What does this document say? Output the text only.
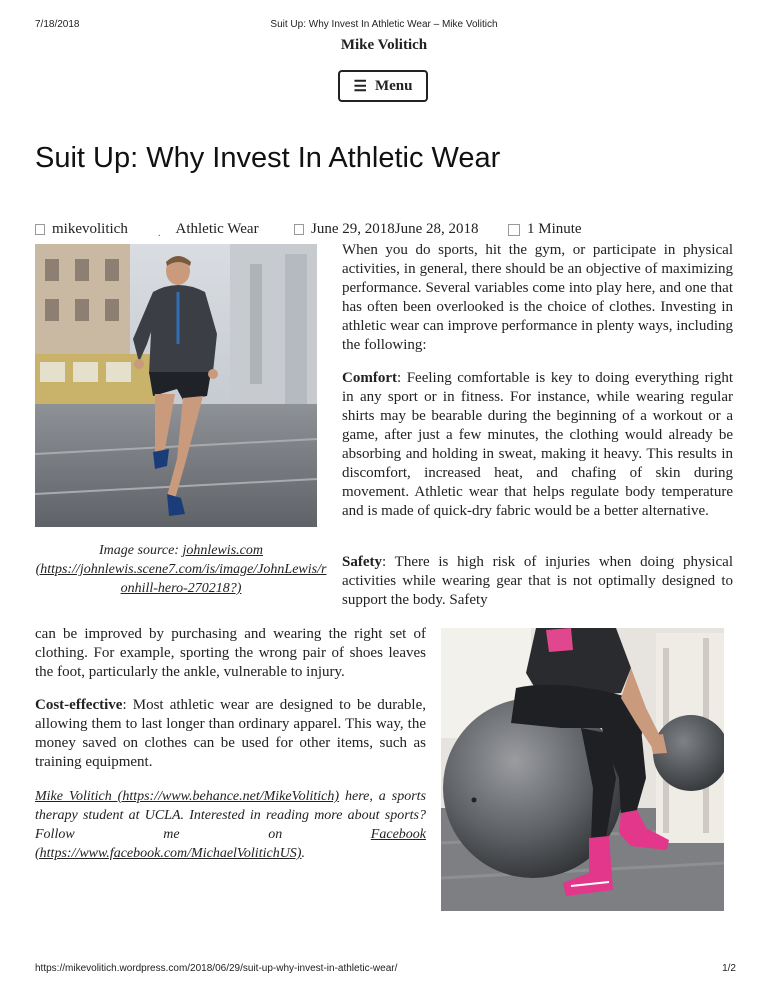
7/18/2018	Suit Up: Why Invest In Athletic Wear – Mike Volitich
Mike Volitich
☰ Menu
Suit Up: Why Invest In Athletic Wear
mikevolitich	. Athletic Wear	June 29, 2018June 28, 2018	1 Minute
Image source: johnlewis.com
(https://johnlewis.scene7.com/is/image/JohnLewis/ronhill-hero-270218?)

When you do sports, hit the gym, or participate in physical activities, in general, there should be an objective of maximizing performance. Several variables come into play here, and one that has often been overlooked is the choice of clothes. Investing in athletic wear can improve performance in plenty ways, including the following:

Comfort: Feeling comfortable is key to doing everything right in any sport or in fitness. For instance, while wearing regular shirts may be bearable during the beginning of a workout or a game, after just a few minutes, the clothing would already be absorbing and holding in sweat, making it heavy. This results in discomfort, increased heat, and chafing of skin during movement. Athletic wear that helps regulate body temperature and is made of quick-dry fabric would be a better alternative.

Safety: There is high risk of injuries when doing physical activities while wearing gear that is not optimally designed to support the body. Safety

can be improved by purchasing and wearing the right set of clothing. For example, sporting the wrong pair of shoes leaves the foot, particularly the ankle, vulnerable to injury.

Cost-effective: Most athletic wear are designed to be durable, allowing them to last longer than ordinary apparel. This way, the money saved on clothes can be used for other items, such as training equipment.

Mike Volitich (https://www.behance.net/MikeVolitich) here, a sports therapy student at UCLA. Interested in reading more about sports? Follow me on Facebook (https://www.facebook.com/MichaelVolitichUS).

https://mikevolitich.wordpress.com/2018/06/29/suit-up-why-invest-in-athletic-wear/	1/2
